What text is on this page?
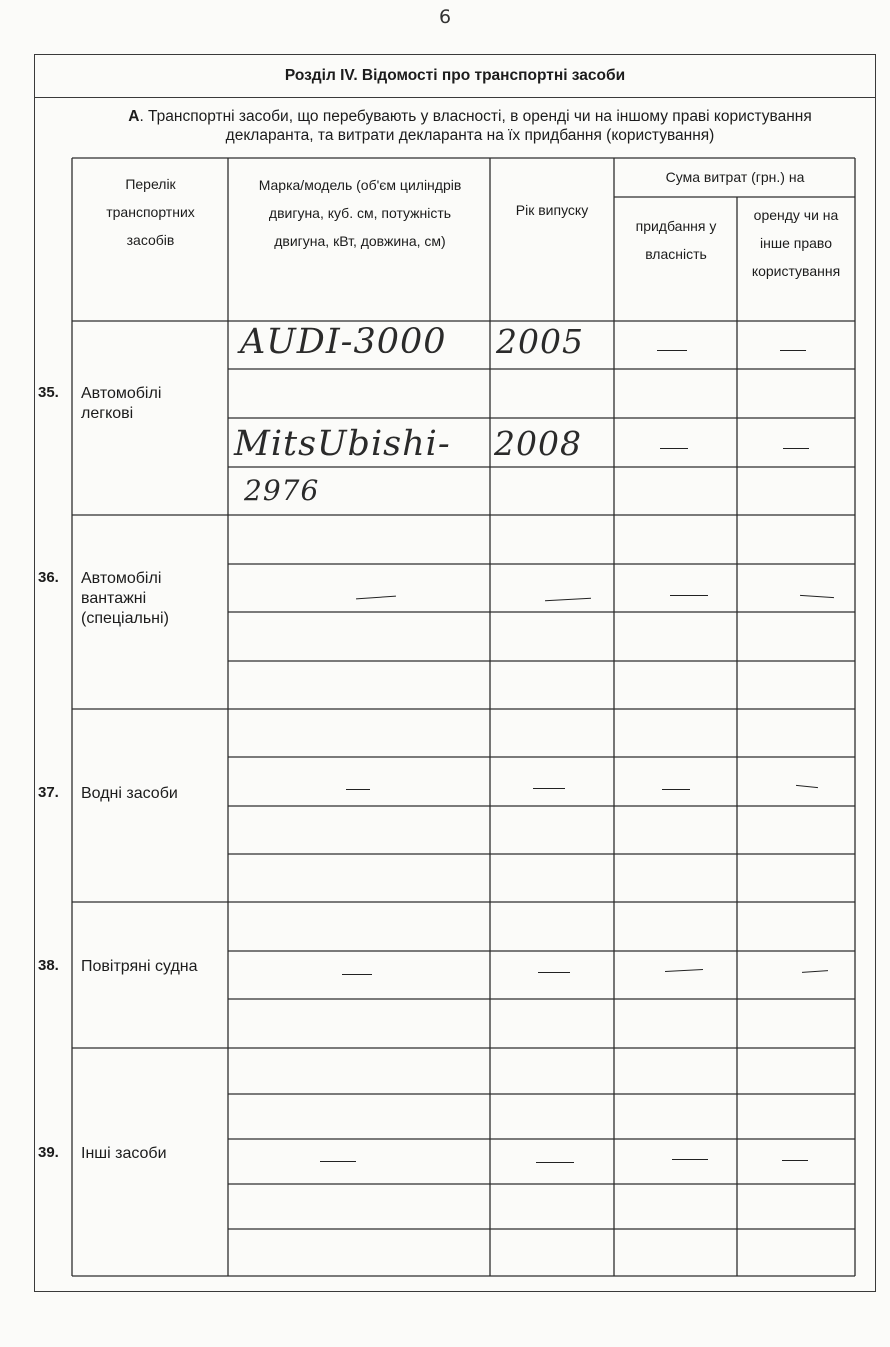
6
Розділ IV. Відомості про транспортні засоби
А. Транспортні засоби, що перебувають у власності, в оренді чи на іншому праві користування
декларанта, та витрати декларанта на їх придбання (користування)
Перелік транспортних засобів
Марка/модель (об'єм циліндрів двигуна, куб. см, потужність двигуна, кВт, довжина, см)
Рік випуску
Сума витрат (грн.) на
придбання у власність
оренду чи на інше право користування
35. Автомобілі легкові
36. Автомобілі вантажні (спеціальні)
37. Водні засоби
38. Повітряні судна
39. Інші засоби
AUDI-3000 2005
MitsUbishi-
2976
2008
